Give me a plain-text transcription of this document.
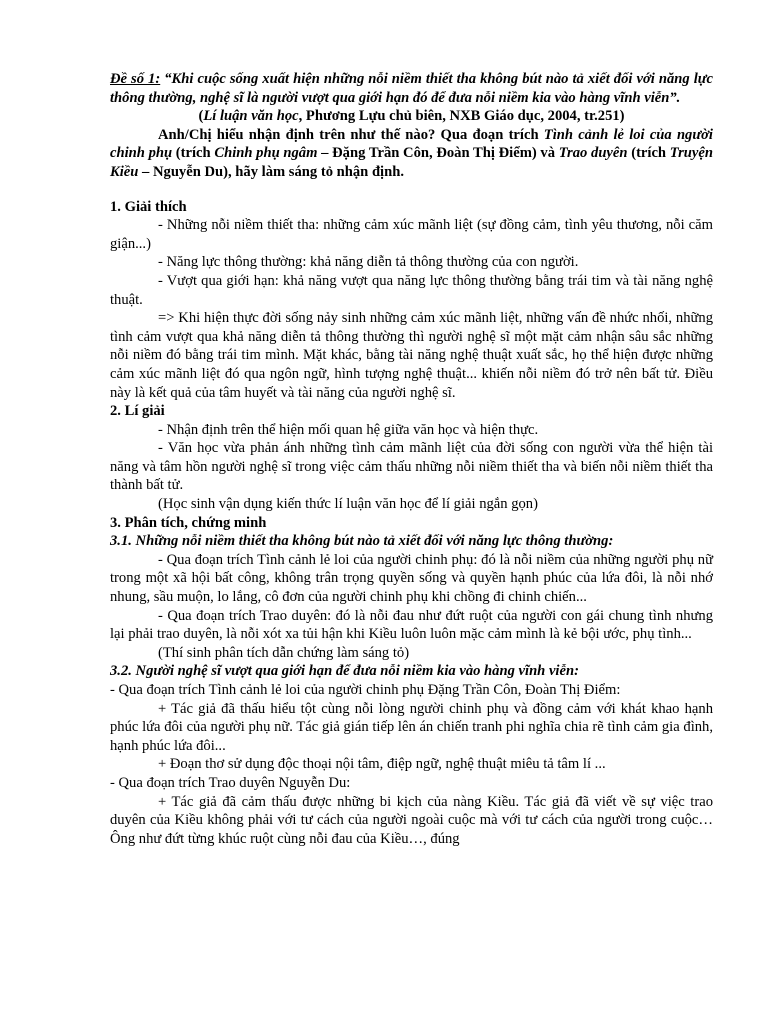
Đề số 1: “Khi cuộc sống xuất hiện những nỗi niềm thiết tha không bút nào tả xiết đối với năng lực thông thường, nghệ sĩ là người vượt qua giới hạn đó để đưa nỗi niềm kia vào hàng vĩnh viễn”.

(Lí luận văn học, Phương Lựu chủ biên, NXB Giáo dục, 2004, tr.251)

Anh/Chị hiểu nhận định trên như thế nào? Qua đoạn trích Tình cảnh lẻ loi của người chinh phụ (trích Chinh phụ ngâm – Đặng Trần Côn, Đoàn Thị Điểm) và Trao duyên (trích Truyện Kiều – Nguyễn Du), hãy làm sáng tỏ nhận định.

1. Giải thích

- Những nỗi niềm thiết tha: những cảm xúc mãnh liệt (sự đồng cảm, tình yêu thương, nỗi căm giận...)

- Năng lực thông thường: khả năng diễn tả thông thường của con người.

- Vượt qua giới hạn: khả năng vượt qua năng lực thông thường bằng trái tim và tài năng nghệ thuật.

=> Khi hiện thực đời sống nảy sinh những cảm xúc mãnh liệt, những vấn đề nhức nhối, những tình cảm vượt qua khả năng diễn tả thông thường thì người nghệ sĩ một mặt cảm nhận sâu sắc những nỗi niềm đó bằng trái tim mình. Mặt khác, bằng tài năng nghệ thuật xuất sắc, họ thể hiện được những cảm xúc mãnh liệt đó qua ngôn ngữ, hình tượng nghệ thuật... khiến nỗi niềm đó trở nên bất tử. Điều này là kết quả của tâm huyết và tài năng của người nghệ sĩ.

2. Lí giải

- Nhận định trên thể hiện mối quan hệ giữa văn học và hiện thực.

- Văn học vừa phản ánh những tình cảm mãnh liệt của đời sống con người vừa thể hiện tài năng và tâm hồn người nghệ sĩ trong việc cảm thấu những nỗi niềm thiết tha và biến nỗi niềm thiết tha thành bất tử.

(Học sinh vận dụng kiến thức lí luận văn học để lí giải ngắn gọn)

3. Phân tích, chứng minh

3.1. Những nỗi niềm thiết tha không bút nào tả xiết đối với năng lực thông thường:

- Qua đoạn trích Tình cảnh lẻ loi của người chinh phụ: đó là nỗi niềm của những người phụ nữ trong một xã hội bất công, không trân trọng quyền sống và quyền hạnh phúc của lứa đôi, là nỗi nhớ nhung, sầu muộn, lo lắng, cô đơn của người chinh phụ khi chồng đi chinh chiến...

- Qua đoạn trích Trao duyên: đó là nỗi đau như đứt ruột của người con gái chung tình nhưng lại phải trao duyên, là nỗi xót xa tủi hận khi Kiều luôn luôn mặc cảm mình là kẻ bội ước, phụ tình...

(Thí sinh phân tích dẫn chứng làm sáng tỏ)

3.2. Người nghệ sĩ vượt qua giới hạn để đưa nỗi niềm kia vào hàng vĩnh viễn:

- Qua đoạn trích Tình cảnh lẻ loi của người chinh phụ Đặng Trần Côn, Đoàn Thị Điểm:

+ Tác giả đã thấu hiểu tột cùng nỗi lòng người chinh phụ và đồng cảm với khát khao hạnh phúc lứa đôi của người phụ nữ. Tác giả gián tiếp lên án chiến tranh phi nghĩa chia rẽ tình cảm gia đình, hạnh phúc lứa đôi...

+ Đoạn thơ sử dụng độc thoại nội tâm, điệp ngữ, nghệ thuật miêu tả tâm lí ...

- Qua đoạn trích Trao duyên Nguyễn Du:

+ Tác giả đã cảm thấu được những bi kịch của nàng Kiều. Tác giả đã viết về sự việc trao duyên của Kiều không phải với tư cách của người ngoài cuộc mà với tư cách của người trong cuộc… Ông như đứt từng khúc ruột cùng nỗi đau của Kiều…, đúng
